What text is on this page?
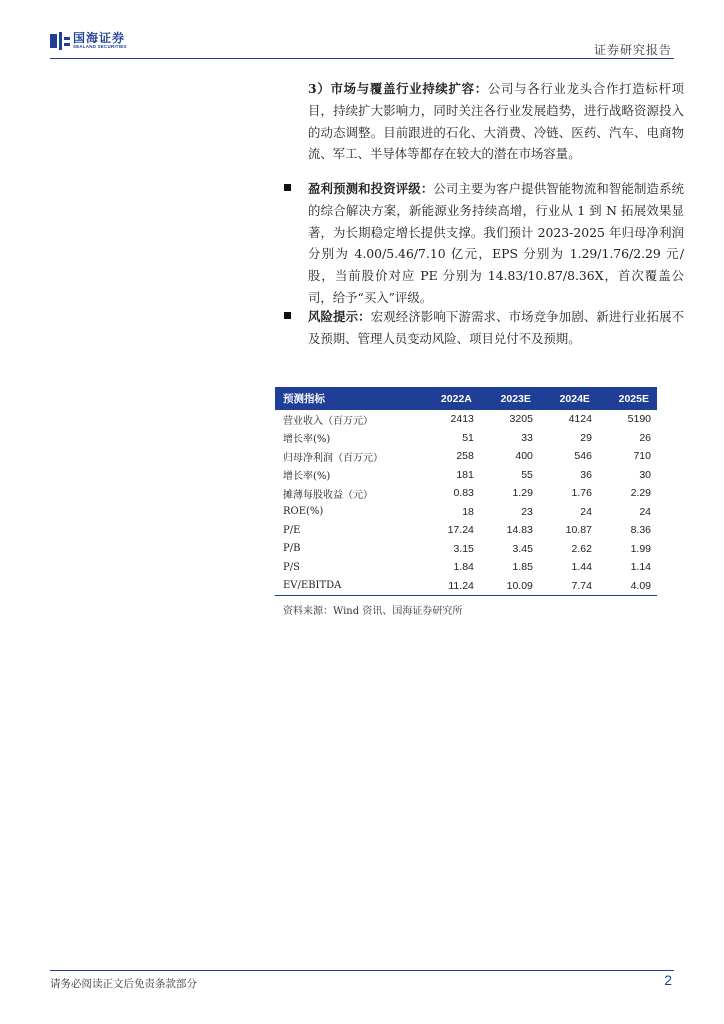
国海证券
SEALAND SECURITIES	证券研究报告
3）市场与覆盖行业持续扩容：公司与各行业龙头合作打造标杆项目，持续扩大影响力，同时关注各行业发展趋势，进行战略资源投入的动态调整。目前跟进的石化、大消费、冷链、医药、汽车、电商物流、军工、半导体等都存在较大的潜在市场容量。
盈利预测和投资评级：公司主要为客户提供智能物流和智能制造系统的综合解决方案，新能源业务持续高增，行业从 1 到 N 拓展效果显著，为长期稳定增长提供支撑。我们预计 2023-2025 年归母净利润分别为 4.00/5.46/7.10 亿元，EPS 分别为 1.29/1.76/2.29 元/股，当前股价对应 PE 分别为 14.83/10.87/8.36X，首次覆盖公司，给予“买入”评级。
风险提示：宏观经济影响下游需求、市场竞争加剧、新进行业拓展不及预期、管理人员变动风险、项目兑付不及预期。
预测指标	2022A	2023E	2024E	2025E
营业收入（百万元）	2413	3205	4124	5190
增长率(%)	51	33	29	26
归母净利润（百万元）	258	400	546	710
增长率(%)	181	55	36	30
摊薄每股收益（元）	0.83	1.29	1.76	2.29
ROE(%)	18	23	24	24
P/E	17.24	14.83	10.87	8.36
P/B	3.15	3.45	2.62	1.99
P/S	1.84	1.85	1.44	1.14
EV/EBITDA	11.24	10.09	7.74	4.09
资料来源：Wind 资讯、国海证券研究所
请务必阅读正文后免责条款部分	2
